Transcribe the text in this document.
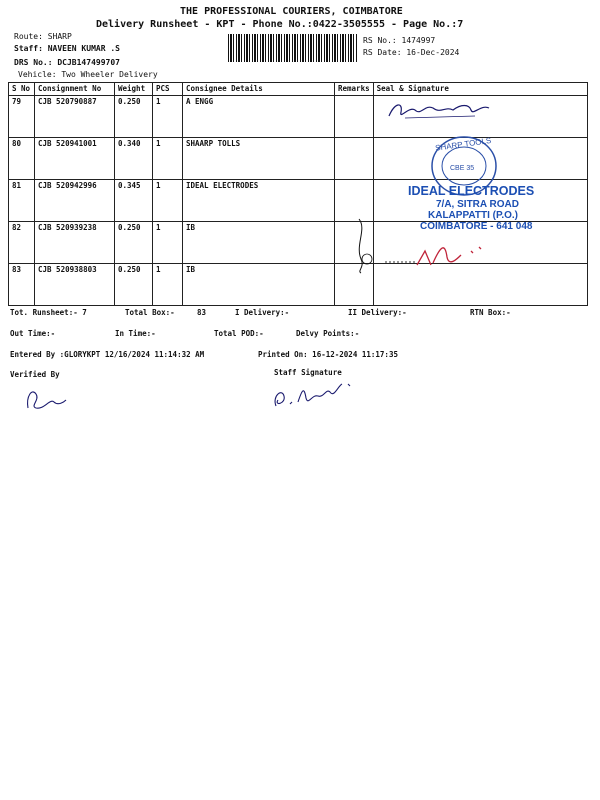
THE PROFESSIONAL COURIERS, COIMBATORE
Delivery Runsheet - KPT - Phone No.:0422-3505555 - Page No.:7
Route: SHARP
Staff: NAVEEN KUMAR .S
DRS No.: DCJB147499707
Vehicle: Two Wheeler Delivery
RS No.: 1474997
RS Date: 16-Dec-2024
S No	Consignment No	Weight	PCS	Consignee Details	Remarks	Seal & Signature
79	CJB 520790887	0.250	1	A ENGG		
80	CJB 520941001	0.340	1	SHAARP TOLLS		
81	CJB 520942996	0.345	1	IDEAL ELECTRODES		
82	CJB 520939238	0.250	1	IB		
83	CJB 520938803	0.250	1	IB		
SHARP TOOLS
CBE 35
IDEAL ELECTRODES
7/A, SITRA ROAD
KALAPPATTI (P.O.)
COIMBATORE - 641 048
Tot. Runsheet:- 7	Total Box:-	83	I Delivery:-	II Delivery:-	RTN Box:-
Out Time:-	In Time:-	Total POD:-	Delvy Points:-
Entered By :GLORYKPT 12/16/2024 11:14:32 AM	Printed On: 16-12-2024 11:17:35
Verified By	Staff Signature
